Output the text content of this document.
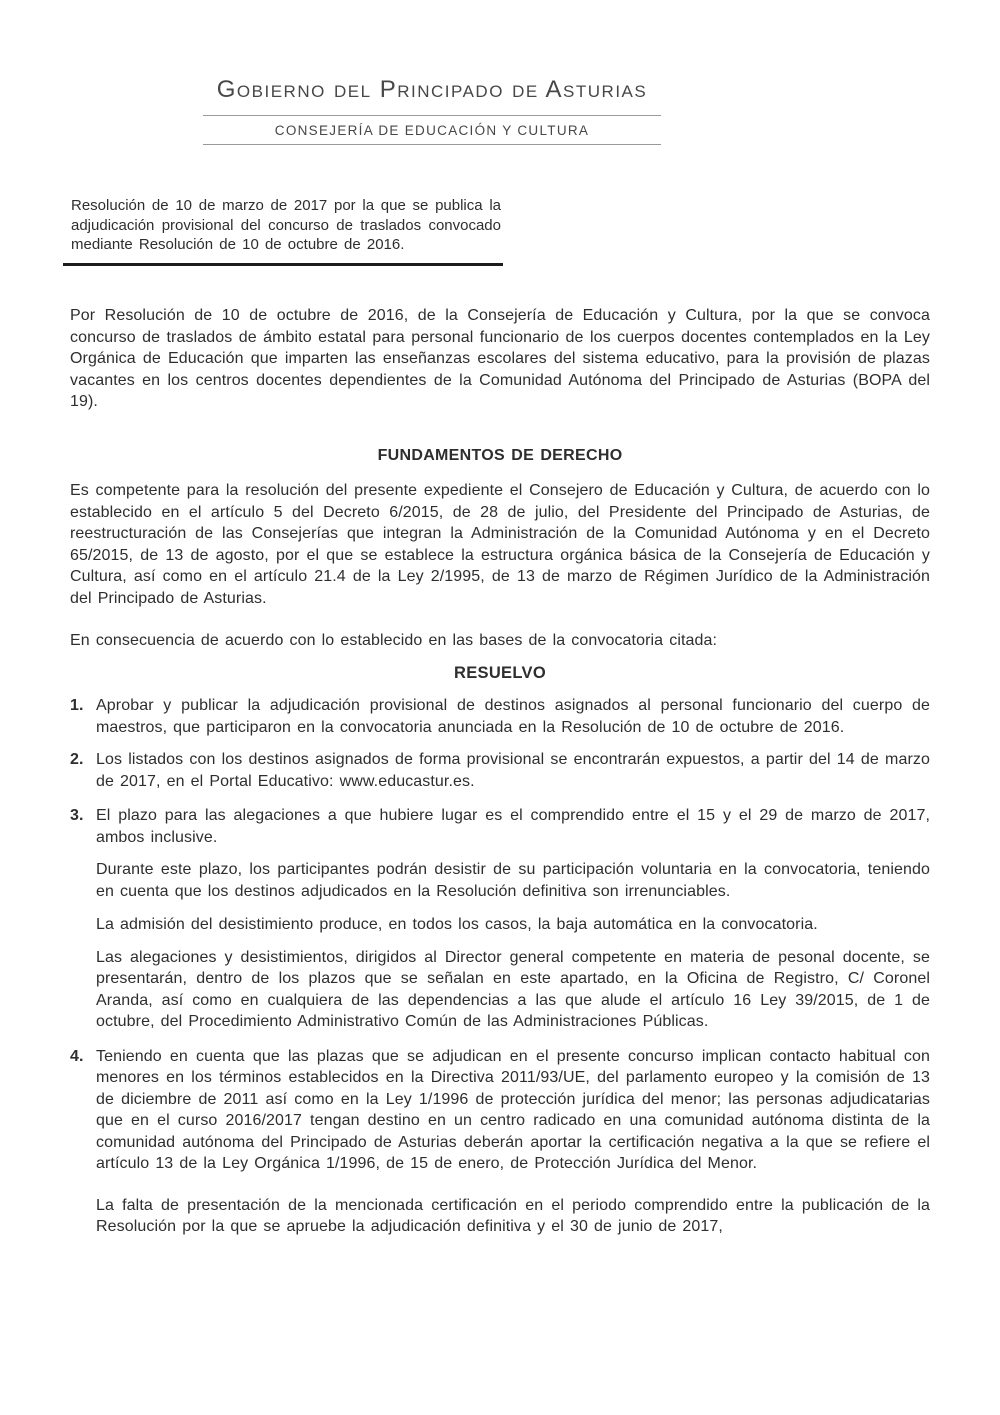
Gobierno del Principado de Asturias
CONSEJERÍA DE EDUCACIÓN Y CULTURA

Resolución de 10 de marzo de 2017 por la que se publica la adjudicación provisional del concurso de traslados convocado mediante Resolución de 10 de octubre de 2016.

Por Resolución de 10 de octubre de 2016, de la Consejería de Educación y Cultura, por la que se convoca concurso de traslados de ámbito estatal para personal funcionario de los cuerpos docentes contemplados en la Ley Orgánica de Educación que imparten las enseñanzas escolares del sistema educativo, para la provisión de plazas vacantes en los centros docentes dependientes de la Comunidad Autónoma del Principado de Asturias (BOPA del 19).

FUNDAMENTOS DE DERECHO

Es competente para la resolución del presente expediente el Consejero de Educación y Cultura, de acuerdo con lo establecido en el artículo 5 del Decreto 6/2015, de 28 de julio, del Presidente del Principado de Asturias, de reestructuración de las Consejerías que integran la Administración de la Comunidad Autónoma y en el Decreto 65/2015, de 13 de agosto, por el que se establece la estructura orgánica básica de la Consejería de Educación y Cultura, así como en el artículo 21.4 de la Ley 2/1995, de 13 de marzo de Régimen Jurídico de la Administración del Principado de Asturias.

En consecuencia de acuerdo con lo establecido en las bases de la convocatoria citada:

RESUELVO
1. Aprobar y publicar la adjudicación provisional de destinos asignados al personal funcionario del cuerpo de maestros, que participaron en la convocatoria anunciada en la Resolución de 10 de octubre de 2016.

2. Los listados con los destinos asignados de forma provisional se encontrarán expuestos, a partir del 14 de marzo de 2017, en el Portal Educativo: www.educastur.es.

3. El plazo para las alegaciones a que hubiere lugar es el comprendido entre el 15 y el 29 de marzo de 2017, ambos inclusive.

Durante este plazo, los participantes podrán desistir de su participación voluntaria en la convocatoria, teniendo en cuenta que los destinos adjudicados en la Resolución definitiva son irrenunciables.

La admisión del desistimiento produce, en todos los casos, la baja automática en la convocatoria.

Las alegaciones y desistimientos, dirigidos al Director general competente en materia de pesonal docente, se presentarán, dentro de los plazos que se señalan en este apartado, en la Oficina de Registro, C/ Coronel Aranda, así como en cualquiera de las dependencias a las que alude el artículo 16 Ley 39/2015, de 1 de octubre, del Procedimiento Administrativo Común de las Administraciones Públicas.

4. Teniendo en cuenta que las plazas que se adjudican en el presente concurso implican contacto habitual con menores en los términos establecidos en la Directiva 2011/93/UE, del parlamento europeo y la comisión de 13 de diciembre de 2011 así como en la Ley 1/1996 de protección jurídica del menor; las personas adjudicatarias que en el curso 2016/2017 tengan destino en un centro radicado en una comunidad autónoma distinta de la comunidad autónoma del Principado de Asturias deberán aportar la certificación negativa a la que se refiere el artículo 13 de la Ley Orgánica 1/1996, de 15 de enero, de Protección Jurídica del Menor.

La falta de presentación de la mencionada certificación en el periodo comprendido entre la publicación de la Resolución por la que se apruebe la adjudicación definitiva y el 30 de junio de 2017,
